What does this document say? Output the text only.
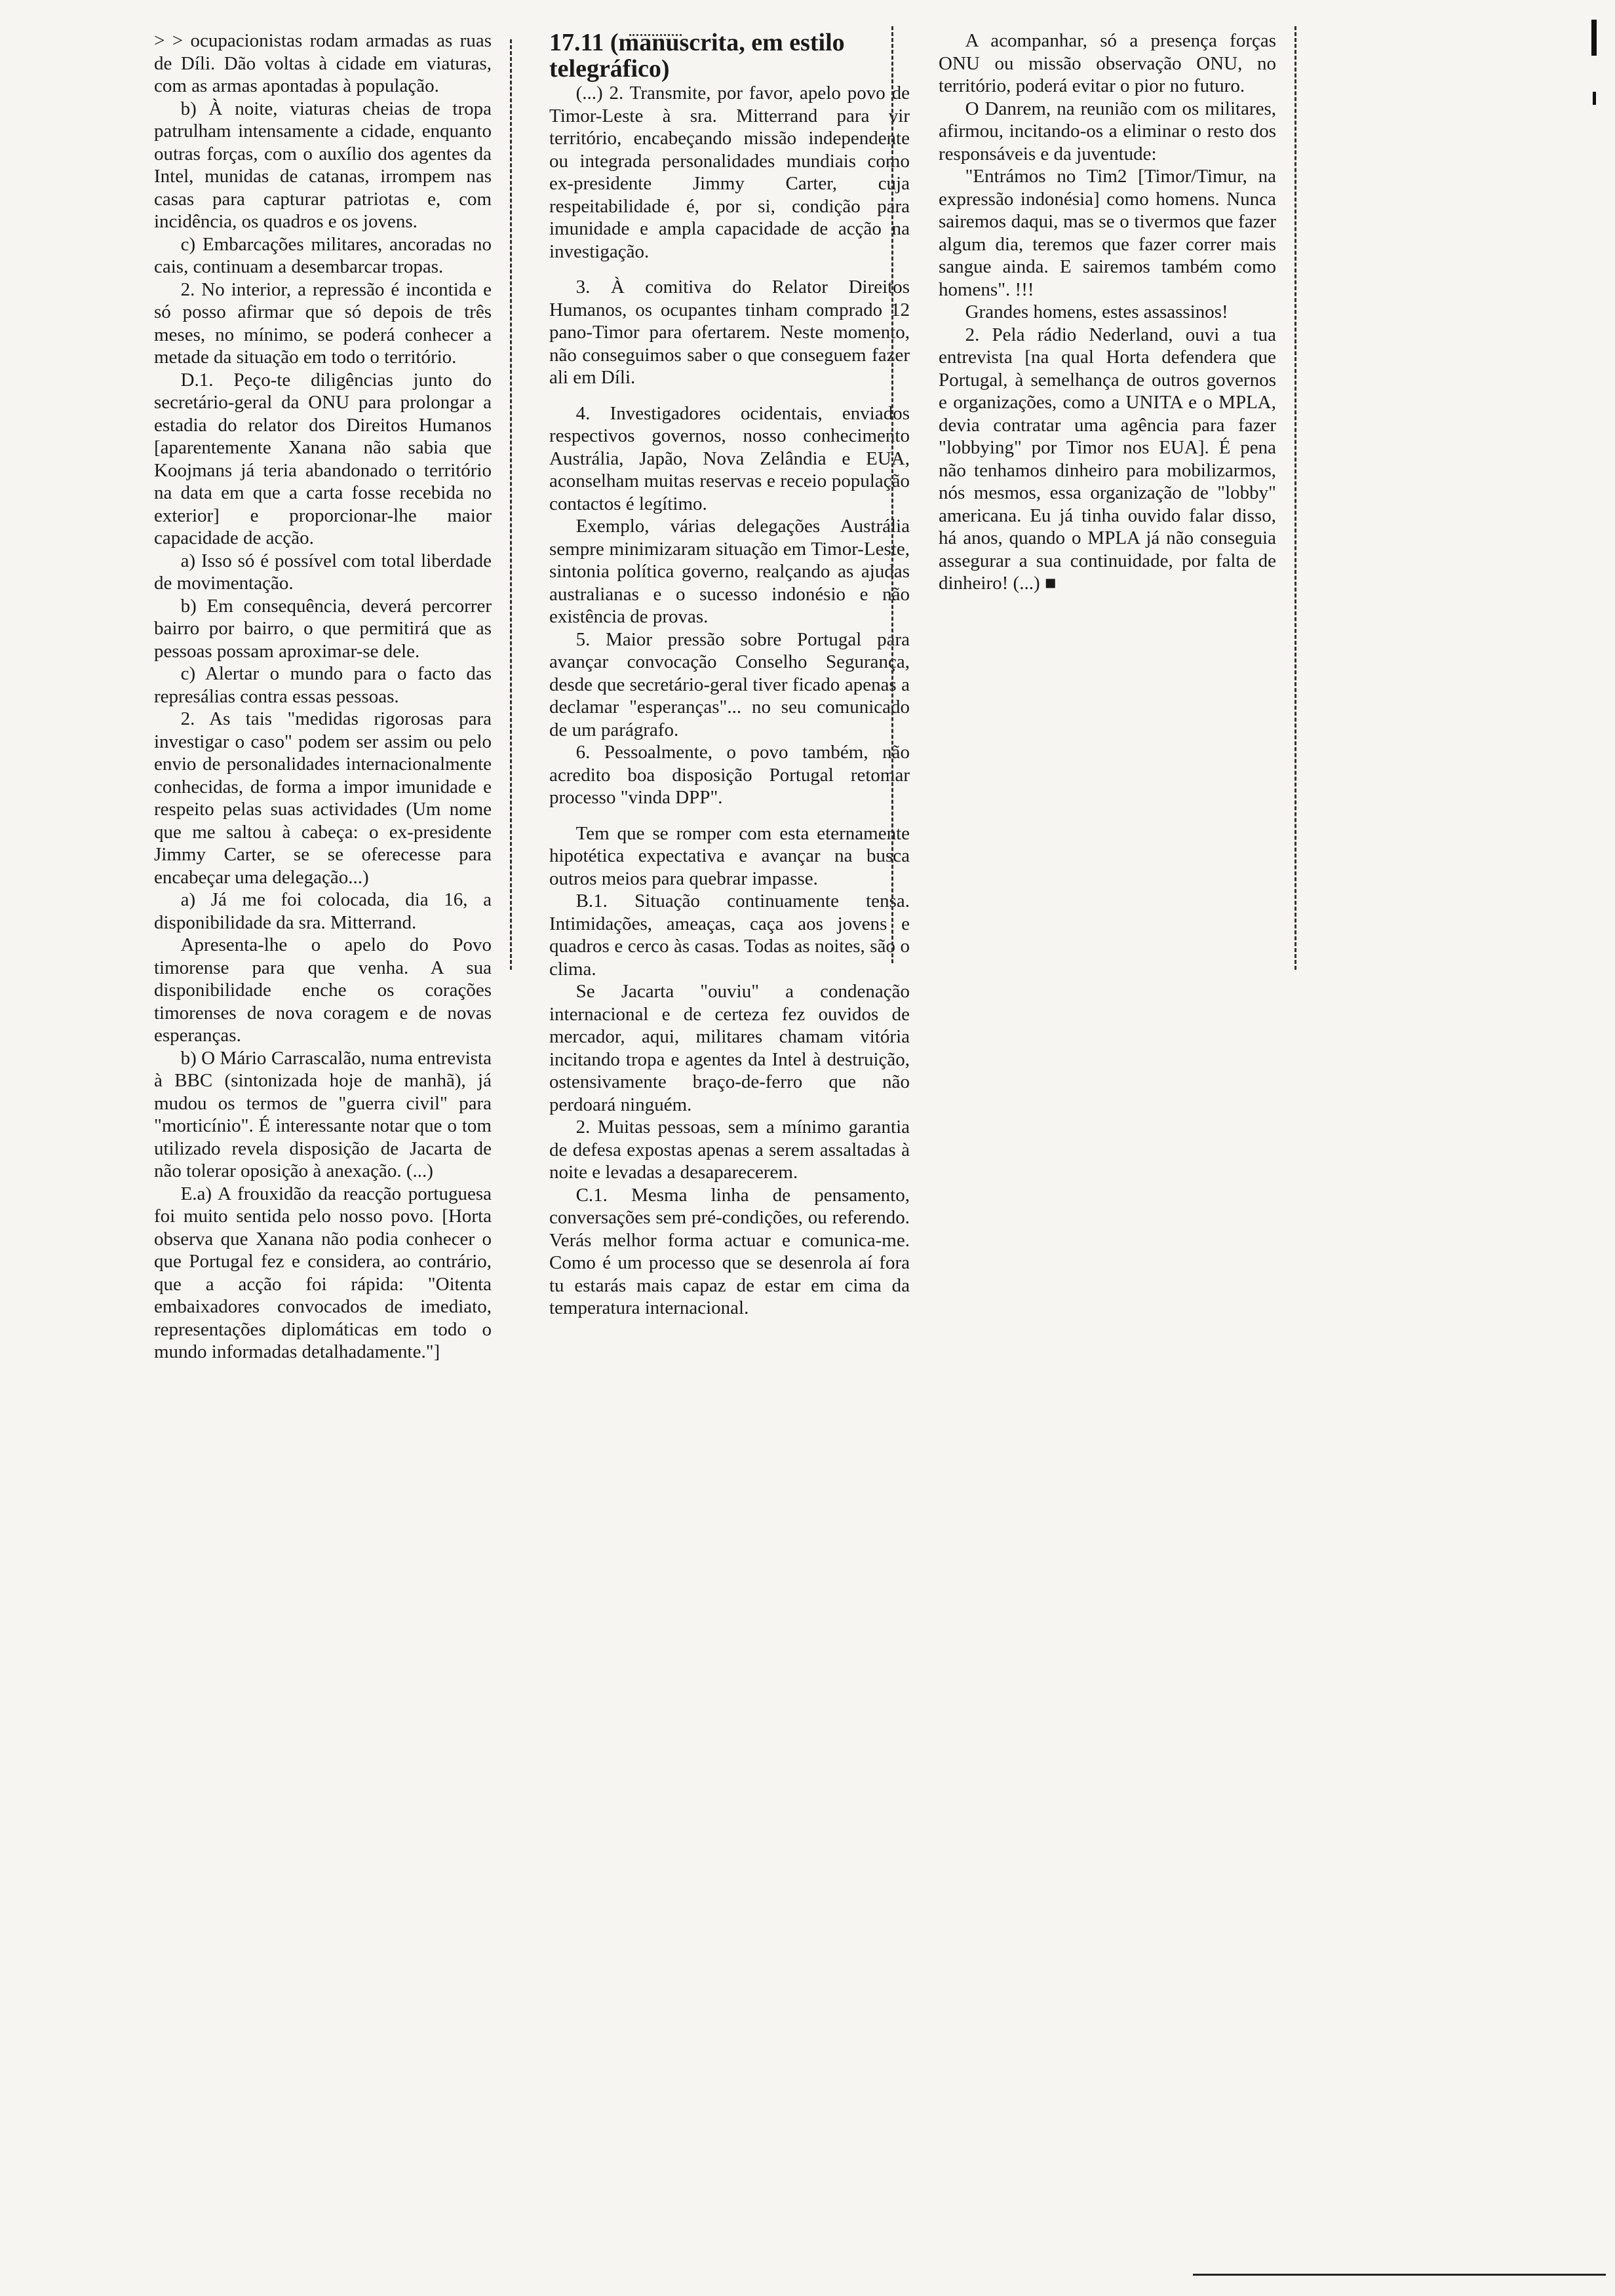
> > ocupacionistas rodam armadas as ruas de Díli. Dão voltas à cidade em viaturas, com as armas apontadas à população.

b) À noite, viaturas cheias de tropa patrulham intensamente a cidade, enquanto outras forças, com o auxílio dos agentes da Intel, munidas de catanas, irrompem nas casas para capturar patriotas e, com incidência, os quadros e os jovens.

c) Embarcações militares, ancoradas no cais, continuam a desembarcar tropas.

2. No interior, a repressão é incontida e só posso afirmar que só depois de três meses, no mínimo, se poderá conhecer a metade da situação em todo o território.

D.1. Peço-te diligências junto do secretário-geral da ONU para prolongar a estadia do relator dos Direitos Humanos [aparentemente Xanana não sabia que Koojmans já teria abandonado o território na data em que a carta fosse recebida no exterior] e proporcionar-lhe maior capacidade de acção.

a) Isso só é possível com total liberdade de movimentação.

b) Em consequência, deverá percorrer bairro por bairro, o que permitirá que as pessoas possam aproximar-se dele.

c) Alertar o mundo para o facto das represálias contra essas pessoas.

2. As tais "medidas rigorosas para investigar o caso" podem ser assim ou pelo envio de personalidades internacionalmente conhecidas, de forma a impor imunidade e respeito pelas suas actividades (Um nome que me saltou à cabeça: o ex-presidente Jimmy Carter, se se oferecesse para encabeçar uma delegação...)

a) Já me foi colocada, dia 16, a disponibilidade da sra. Mitterrand.

Apresenta-lhe o apelo do Povo timorense para que venha. A sua disponibilidade enche os corações timorenses de nova coragem e de novas esperanças.

b) O Mário Carrascalão, numa entrevista à BBC (sintonizada hoje de manhã), já mudou os termos de "guerra civil" para "morticínio". É interessante notar que o tom utilizado revela disposição de Jacarta de não tolerar oposição à anexação. (...)

E.a) A frouxidão da reacção portuguesa foi muito sentida pelo nosso povo. [Horta observa que Xanana não podia conhecer o que Portugal fez e considera, ao contrário, que a acção foi rápida: "Oitenta embaixadores convocados de imediato, representações diplomáticas em todo o mundo informadas detalhadamente."]

17.11 (manuscrita, em estilo telegráfico)

(...) 2. Transmite, por favor, apelo povo de Timor-Leste à sra. Mitterrand para vir território, encabeçando missão independente ou integrada personalidades mundiais como ex-presidente Jimmy Carter, cuja respeitabilidade é, por si, condição para imunidade e ampla capacidade de acção na investigação.

3. À comitiva do Relator Direitos Humanos, os ocupantes tinham comprado 12 pano-Timor para ofertarem. Neste momento, não conseguimos saber o que conseguem fazer ali em Díli.

4. Investigadores ocidentais, enviados respectivos governos, nosso conhecimento Austrália, Japão, Nova Zelândia e EUA, aconselham muitas reservas e receio população contactos é legítimo.

Exemplo, várias delegações Austrália sempre minimizaram situação em Timor-Leste, sintonia política governo, realçando as ajudas australianas e o sucesso indonésio e não existência de provas.

5. Maior pressão sobre Portugal para avançar convocação Conselho Segurança, desde que secretário-geral tiver ficado apenas a declamar "esperanças"... no seu comunicado de um parágrafo.

6. Pessoalmente, o povo também, não acredito boa disposição Portugal retomar processo "vinda DPP".

Tem que se romper com esta eternamente hipotética expectativa e avançar na busca outros meios para quebrar impasse.

B.1. Situação continuamente tensa. Intimidações, ameaças, caça aos jovens e quadros e cerco às casas. Todas as noites, são o clima.

Se Jacarta "ouviu" a condenação internacional e de certeza fez ouvidos de mercador, aqui, militares chamam vitória incitando tropa e agentes da Intel à destruição, ostensivamente braço-de-ferro que não perdoará ninguém.

2. Muitas pessoas, sem a mínimo garantia de defesa expostas apenas a serem assaltadas à noite e levadas a desaparecerem.

C.1. Mesma linha de pensamento, conversações sem pré-condições, ou referendo. Verás melhor forma actuar e comunica-me. Como é um processo que se desenrola aí fora tu estarás mais capaz de estar em cima da temperatura internacional.

A acompanhar, só a presença forças ONU ou missão observação ONU, no território, poderá evitar o pior no futuro.

O Danrem, na reunião com os militares, afirmou, incitando-os a eliminar o resto dos responsáveis e da juventude:

"Entrámos no Tim2 [Timor/Timur, na expressão indonésia] como homens. Nunca sairemos daqui, mas se o tivermos que fazer algum dia, teremos que fazer correr mais sangue ainda. E sairemos também como homens". !!!

Grandes homens, estes assassinos!

2. Pela rádio Nederland, ouvi a tua entrevista [na qual Horta defendera que Portugal, à semelhança de outros governos e organizações, como a UNITA e o MPLA, devia contratar uma agência para fazer "lobbying" por Timor nos EUA]. É pena não tenhamos dinheiro para mobilizarmos, nós mesmos, essa organização de "lobby" americana. Eu já tinha ouvido falar disso, há anos, quando o MPLA já não conseguia assegurar a sua continuidade, por falta de dinheiro! (...) ■
